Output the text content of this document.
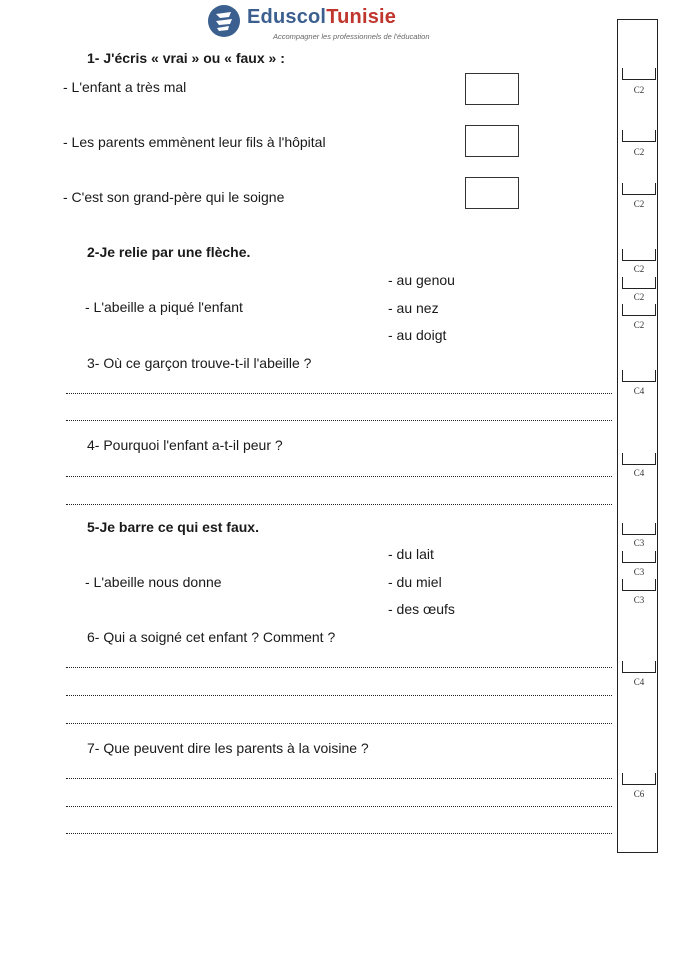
EduscolTunisie
Accompagner les professionnels de l'éducation
1- J'écris « vrai » ou « faux » :
- L'enfant a très mal
- Les parents emmènent leur fils à l'hôpital
- C'est son grand-père qui le soigne
2-Je relie par une flèche.
- au genou
- L'abeille a piqué l'enfant	- au nez
- au doigt
3- Où ce garçon trouve-t-il l'abeille ?
4- Pourquoi l'enfant a-t-il peur ?
5-Je barre ce qui est faux.
- du lait
- L'abeille nous donne	- du miel
- des œufs
6- Qui a soigné cet enfant ? Comment ?
7- Que peuvent dire les parents à la voisine ?
C2
C2
C2
C2
C2
C2
C4
C4
C3
C3
C3
C4
C6
